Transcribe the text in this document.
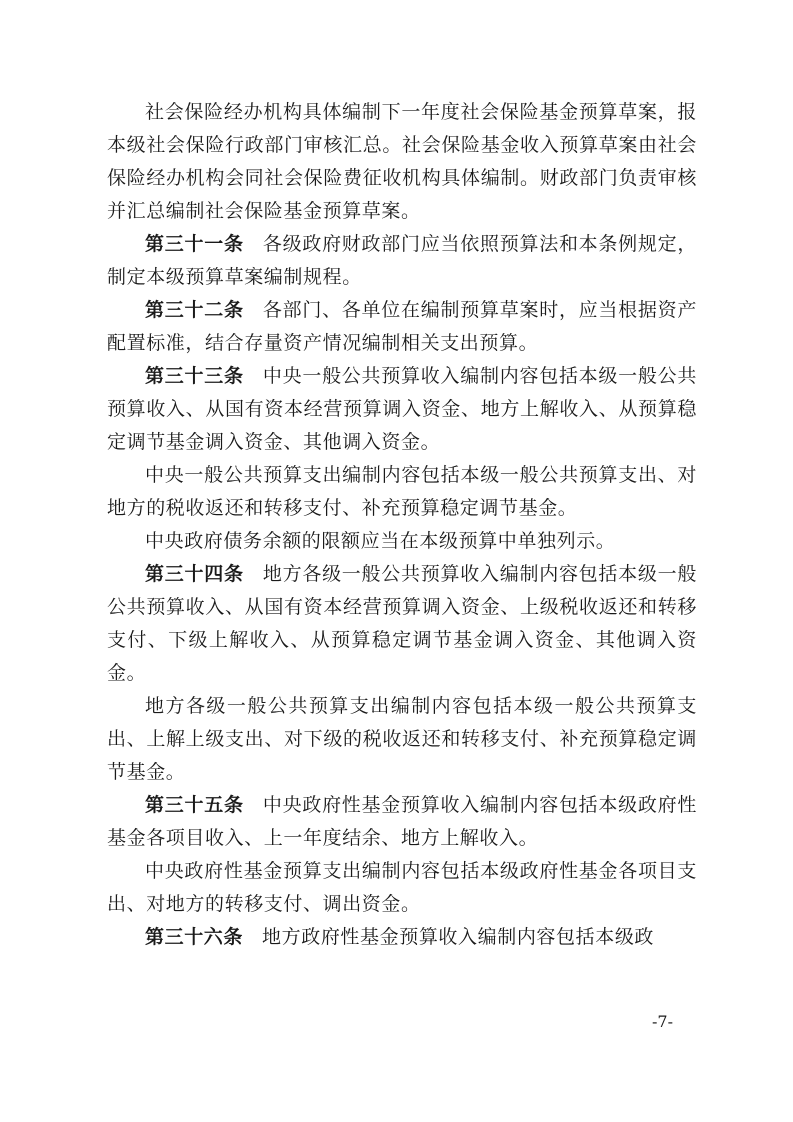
社会保险经办机构具体编制下一年度社会保险基金预算草案，报本级社会保险行政部门审核汇总。社会保险基金收入预算草案由社会保险经办机构会同社会保险费征收机构具体编制。财政部门负责审核并汇总编制社会保险基金预算草案。

第三十一条 各级政府财政部门应当依照预算法和本条例规定，制定本级预算草案编制规程。

第三十二条 各部门、各单位在编制预算草案时，应当根据资产配置标准，结合存量资产情况编制相关支出预算。

第三十三条 中央一般公共预算收入编制内容包括本级一般公共预算收入、从国有资本经营预算调入资金、地方上解收入、从预算稳定调节基金调入资金、其他调入资金。

中央一般公共预算支出编制内容包括本级一般公共预算支出、对地方的税收返还和转移支付、补充预算稳定调节基金。

中央政府债务余额的限额应当在本级预算中单独列示。

第三十四条 地方各级一般公共预算收入编制内容包括本级一般公共预算收入、从国有资本经营预算调入资金、上级税收返还和转移支付、下级上解收入、从预算稳定调节基金调入资金、其他调入资金。

地方各级一般公共预算支出编制内容包括本级一般公共预算支出、上解上级支出、对下级的税收返还和转移支付、补充预算稳定调节基金。

第三十五条 中央政府性基金预算收入编制内容包括本级政府性基金各项目收入、上一年度结余、地方上解收入。

中央政府性基金预算支出编制内容包括本级政府性基金各项目支出、对地方的转移支付、调出资金。

第三十六条 地方政府性基金预算收入编制内容包括本级政

-7-
